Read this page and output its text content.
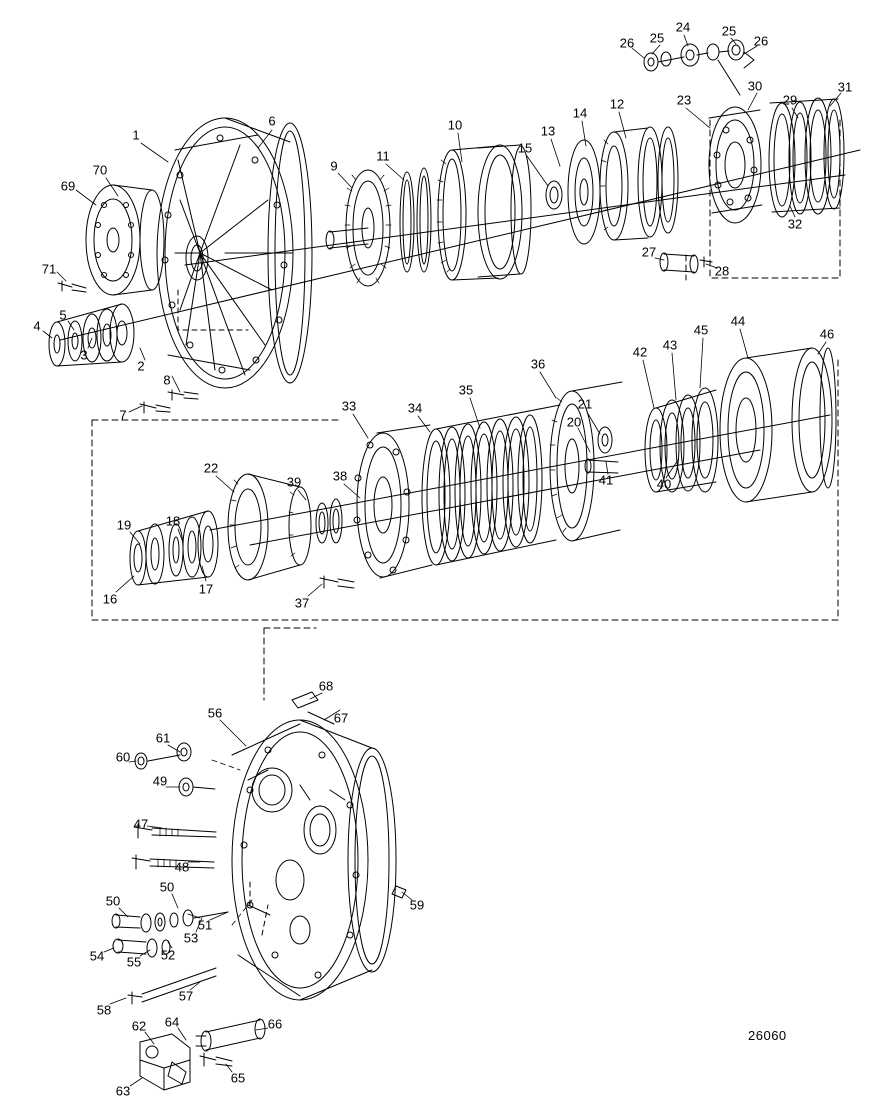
1
6
69
70
71
4
5
3
2
8
7
9
11
10
15
13
14
12	23
26 25
24 25
26
30
29
31
32
27
28
33	34
35
36
21
20
42 43
45
44
46
41	40
22
39 38
19	18
17
16	37
56
68
67
61
60
49
47
48
50
50
51
53
52
55
54
58
57
59
62 64	66
63
65
26060
